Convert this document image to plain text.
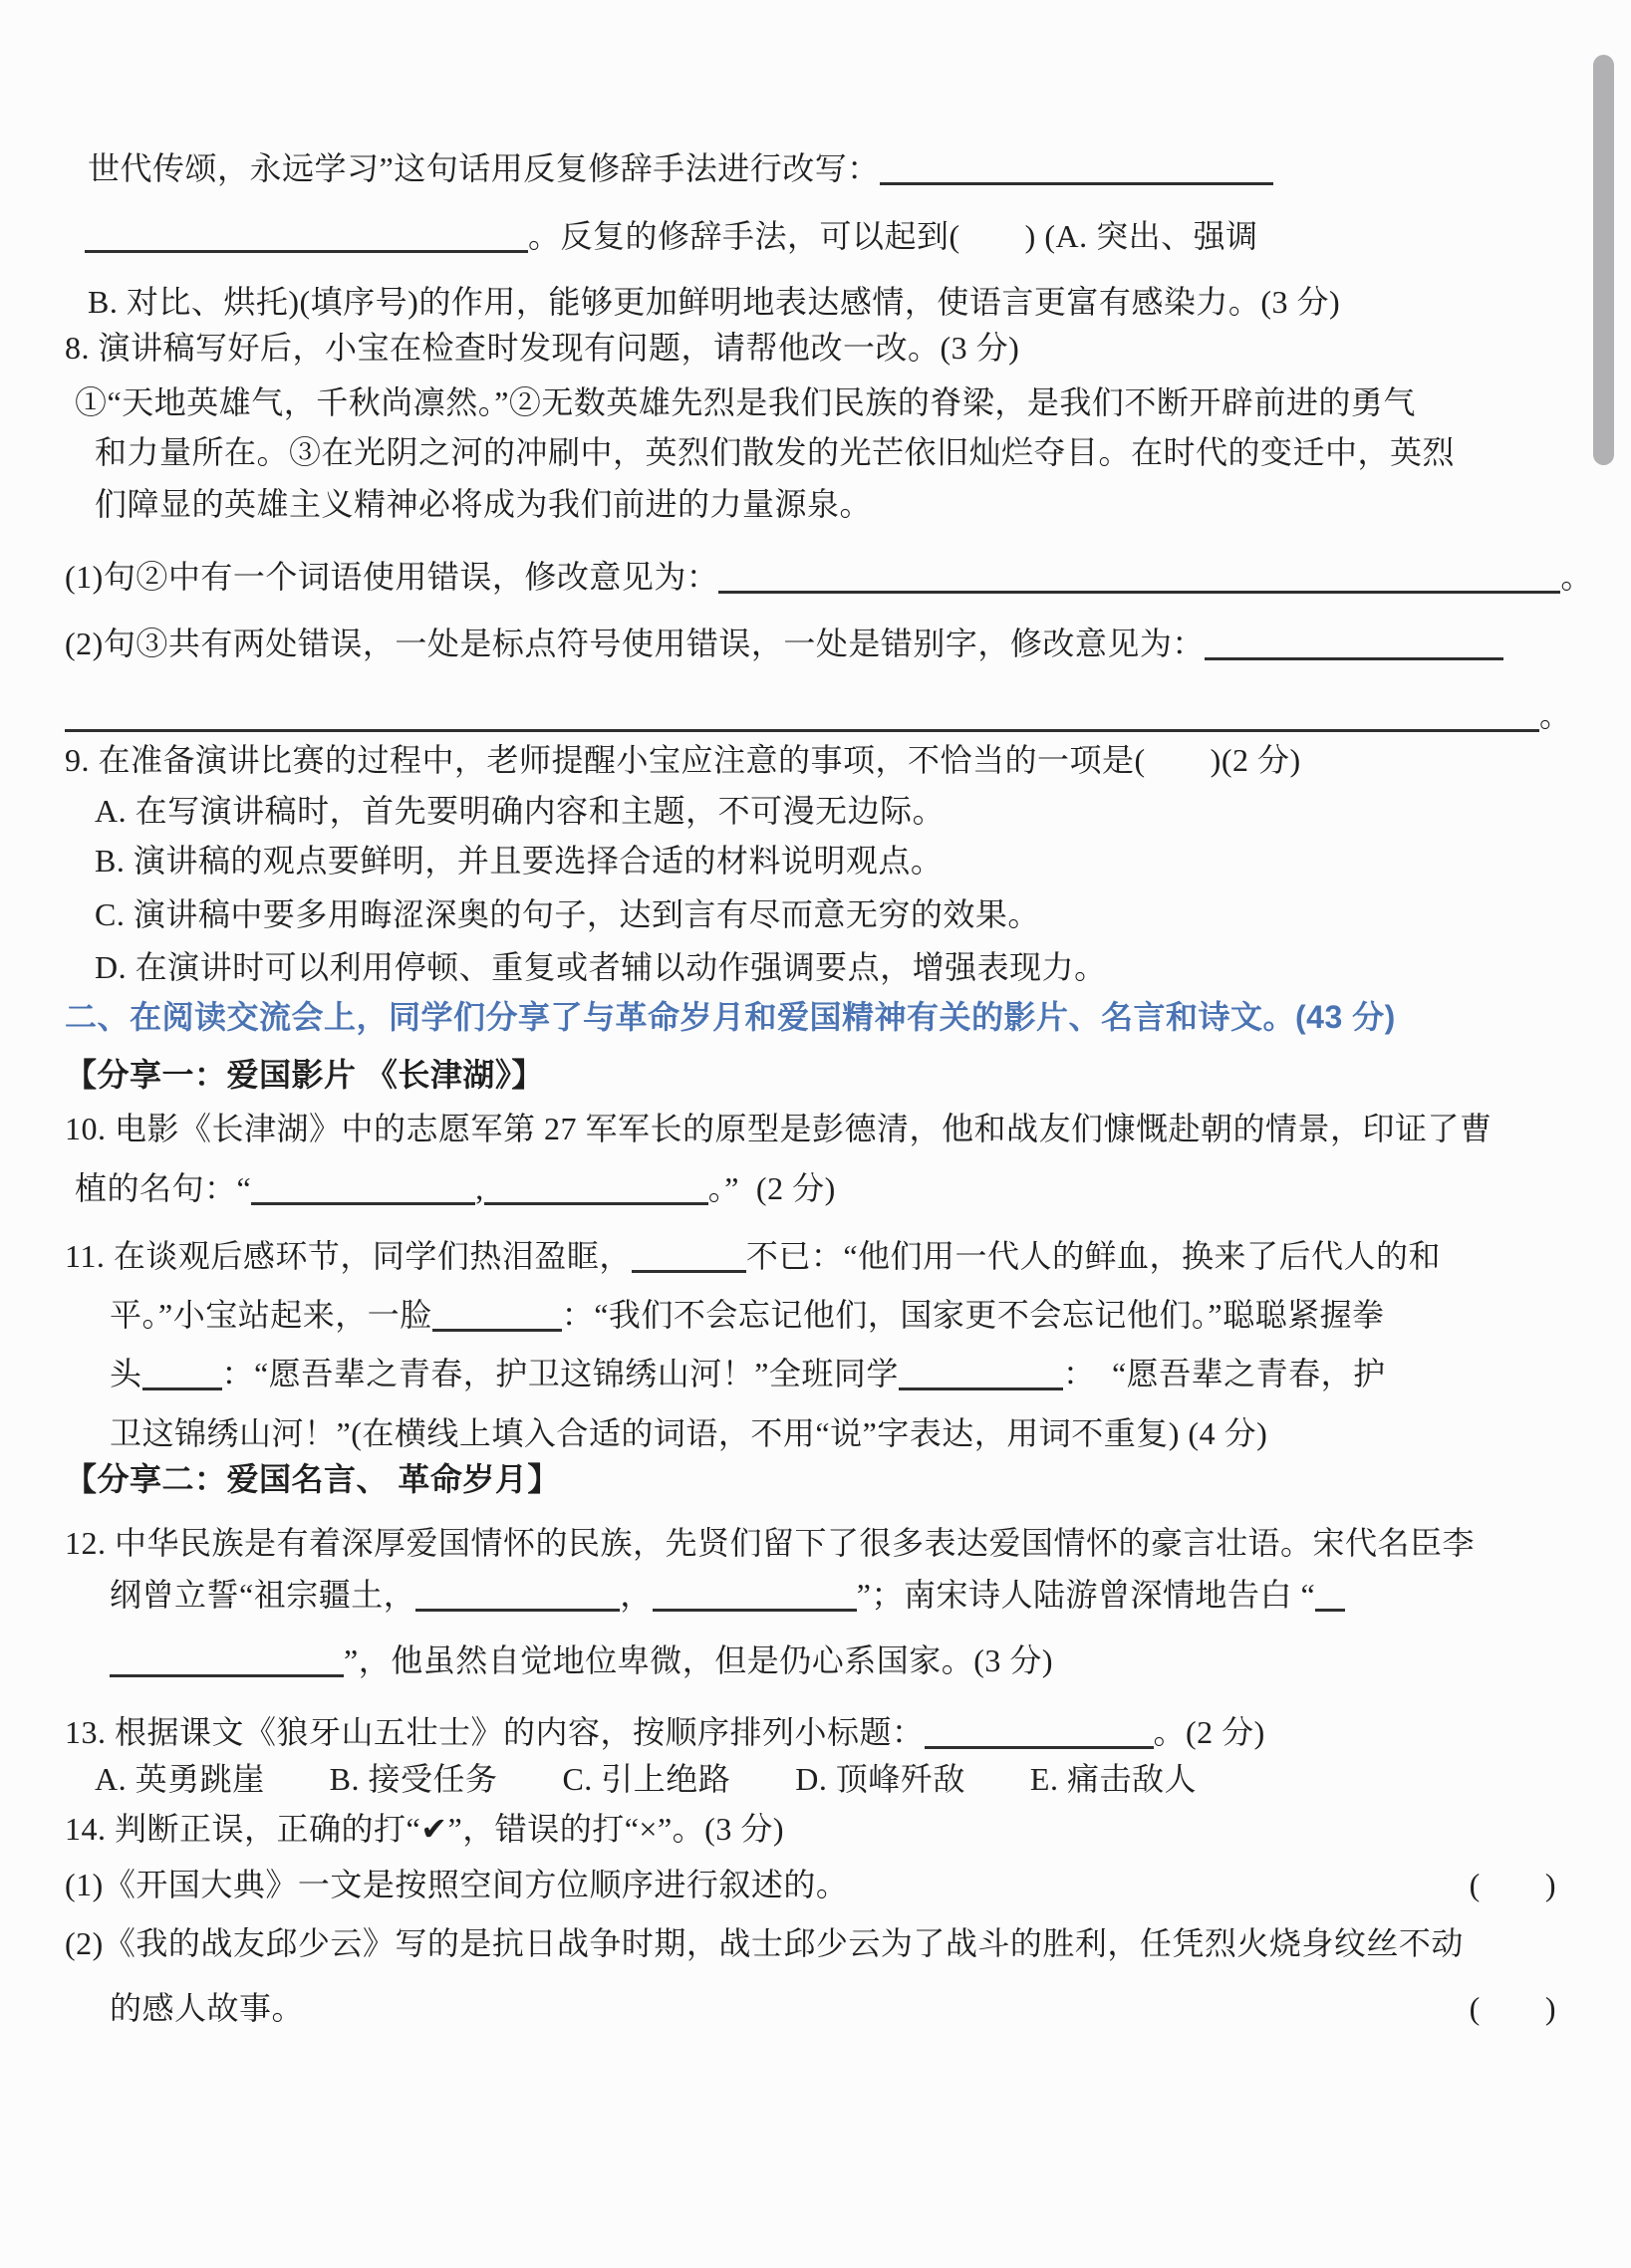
世代传颂，永远学习”这句话用反复修辞手法进行改写：
。反复的修辞手法，可以起到(　　) (A. 突出、强调
B. 对比、烘托)(填序号)的作用，能够更加鲜明地表达感情，使语言更富有感染力。(3 分)
8. 演讲稿写好后，小宝在检查时发现有问题，请帮他改一改。(3 分)
①“天地英雄气，千秋尚凛然。”②无数英雄先烈是我们民族的脊梁，是我们不断开辟前进的勇气
和力量所在。③在光阴之河的冲刷中，英烈们散发的光芒依旧灿烂夺目。在时代的变迁中，英烈
们障显的英雄主义精神必将成为我们前进的力量源泉。
(1)句②中有一个词语使用错误，修改意见为：	。
(2)句③共有两处错误，一处是标点符号使用错误，一处是错别字，修改意见为：
。
9. 在准备演讲比赛的过程中，老师提醒小宝应注意的事项，不恰当的一项是(　　)(2 分)
A. 在写演讲稿时，首先要明确内容和主题，不可漫无边际。
B. 演讲稿的观点要鲜明，并且要选择合适的材料说明观点。
C. 演讲稿中要多用晦涩深奥的句子，达到言有尽而意无穷的效果。
D. 在演讲时可以利用停顿、重复或者辅以动作强调要点，增强表现力。
二、在阅读交流会上，同学们分享了与革命岁月和爱国精神有关的影片、名言和诗文。(43 分)
【分享一：爱国影片 《长津湖》】
10. 电影《长津湖》中的志愿军第 27 军军长的原型是彭德清，他和战友们慷慨赴朝的情景，印证了曹
植的名句：“	,	。”  (2 分)
11. 在谈观后感环节，同学们热泪盈眶，	不已：“他们用一代人的鲜血，换来了后代人的和
平。”小宝站起来，一脸	：“我们不会忘记他们，国家更不会忘记他们。”聪聪紧握拳
头	：“愿吾辈之青春，护卫这锦绣山河！”全班同学	：　“愿吾辈之青春，护
卫这锦绣山河！”(在横线上填入合适的词语，不用“说”字表达，用词不重复) (4 分)
【分享二：爱国名言、 革命岁月】
12. 中华民族是有着深厚爱国情怀的民族，先贤们留下了很多表达爱国情怀的豪言壮语。宋代名臣李
纲曾立誓“祖宗疆土，	，	”；南宋诗人陆游曾深情地告白 “
”，他虽然自觉地位卑微，但是仍心系国家。(3 分)
13. 根据课文《狼牙山五壮士》的内容，按顺序排列小标题：	。(2 分)
A. 英勇跳崖　　B. 接受任务　　C. 引上绝路　　D. 顶峰歼敌　　E. 痛击敌人
14. 判断正误，正确的打“✔”，错误的打“×”。(3 分)
(1)《开国大典》一文是按照空间方位顺序进行叙述的。	(　　)
(2)《我的战友邱少云》写的是抗日战争时期，战士邱少云为了战斗的胜利，任凭烈火烧身纹丝不动
的感人故事。	(　　)
